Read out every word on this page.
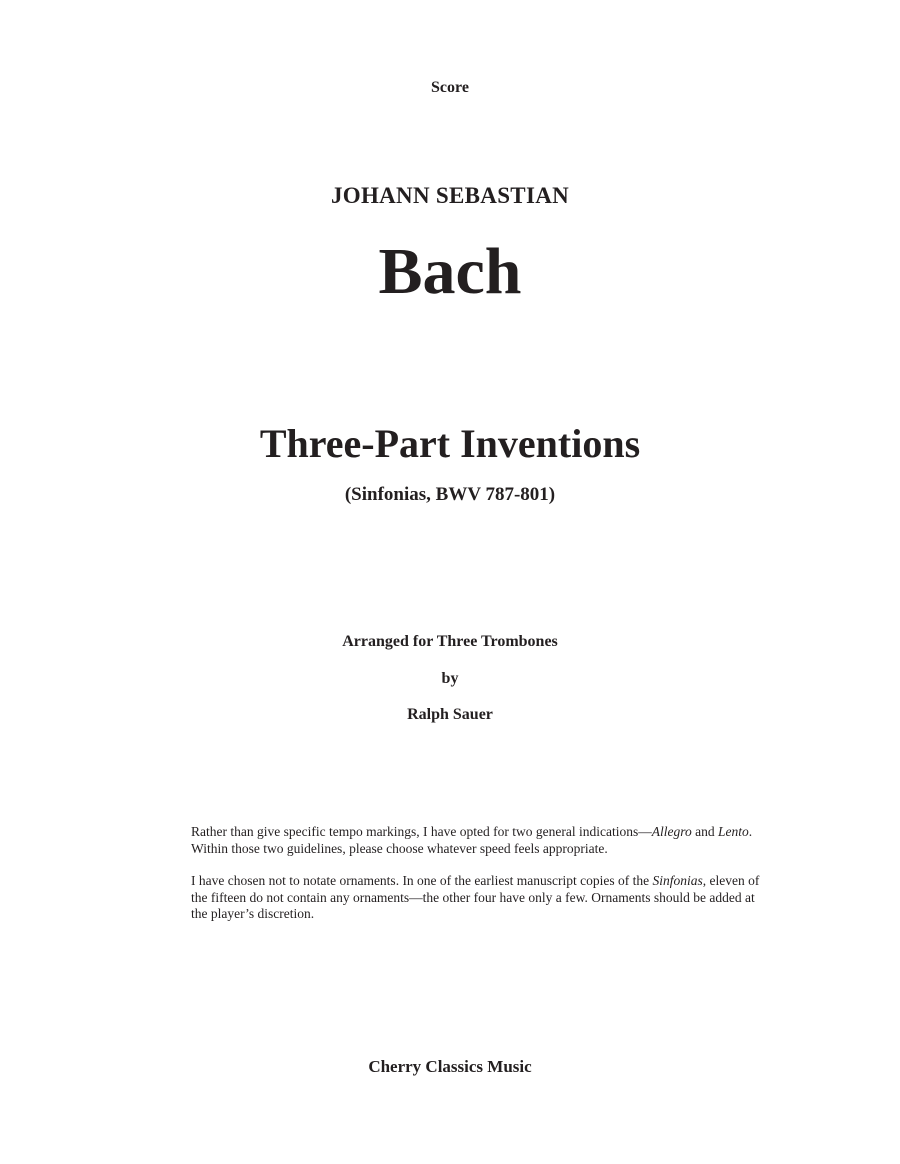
Score
JOHANN SEBASTIAN
Bach
Three-Part Inventions
(Sinfonias, BWV 787-801)
Arranged for Three Trombones
by
Ralph Sauer

Rather than give specific tempo markings, I have opted for two general indications—Allegro and Lento. Within those two guidelines, please choose whatever speed feels appropriate.

I have chosen not to notate ornaments. In one of the earliest manuscript copies of the Sinfonias, eleven of the fifteen do not contain any ornaments—the other four have only a few. Ornaments should be added at the player’s discretion.

Cherry Classics Music
